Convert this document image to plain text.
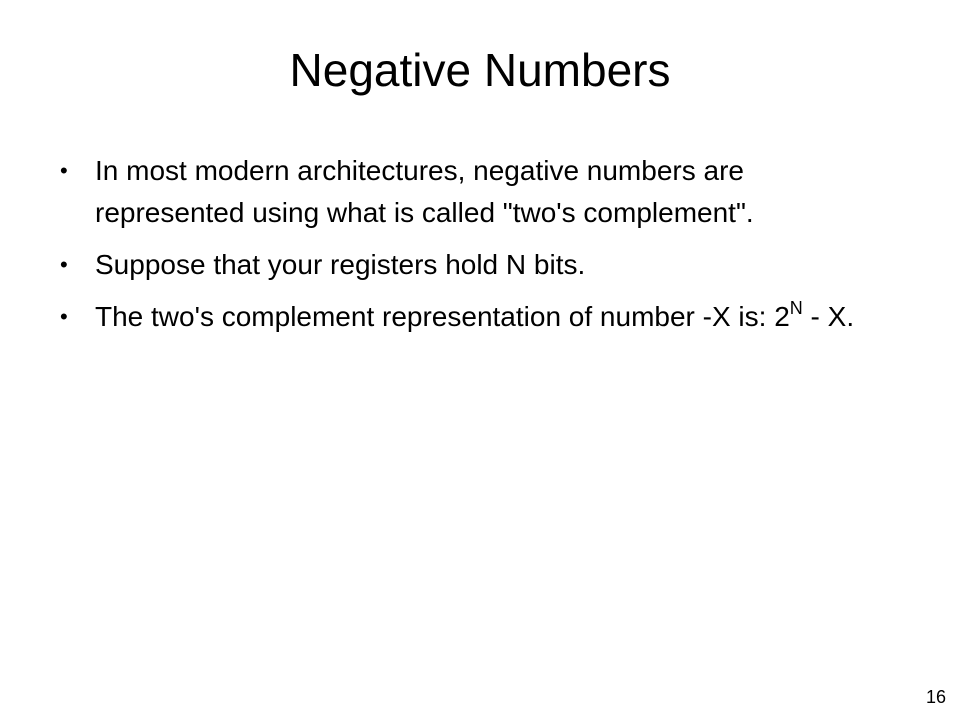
Negative Numbers
• In most modern architectures, negative numbers are represented using what is called "two's complement".
• Suppose that your registers hold N bits.
• The two's complement representation of number -X is: $2^N$ - X.
16
